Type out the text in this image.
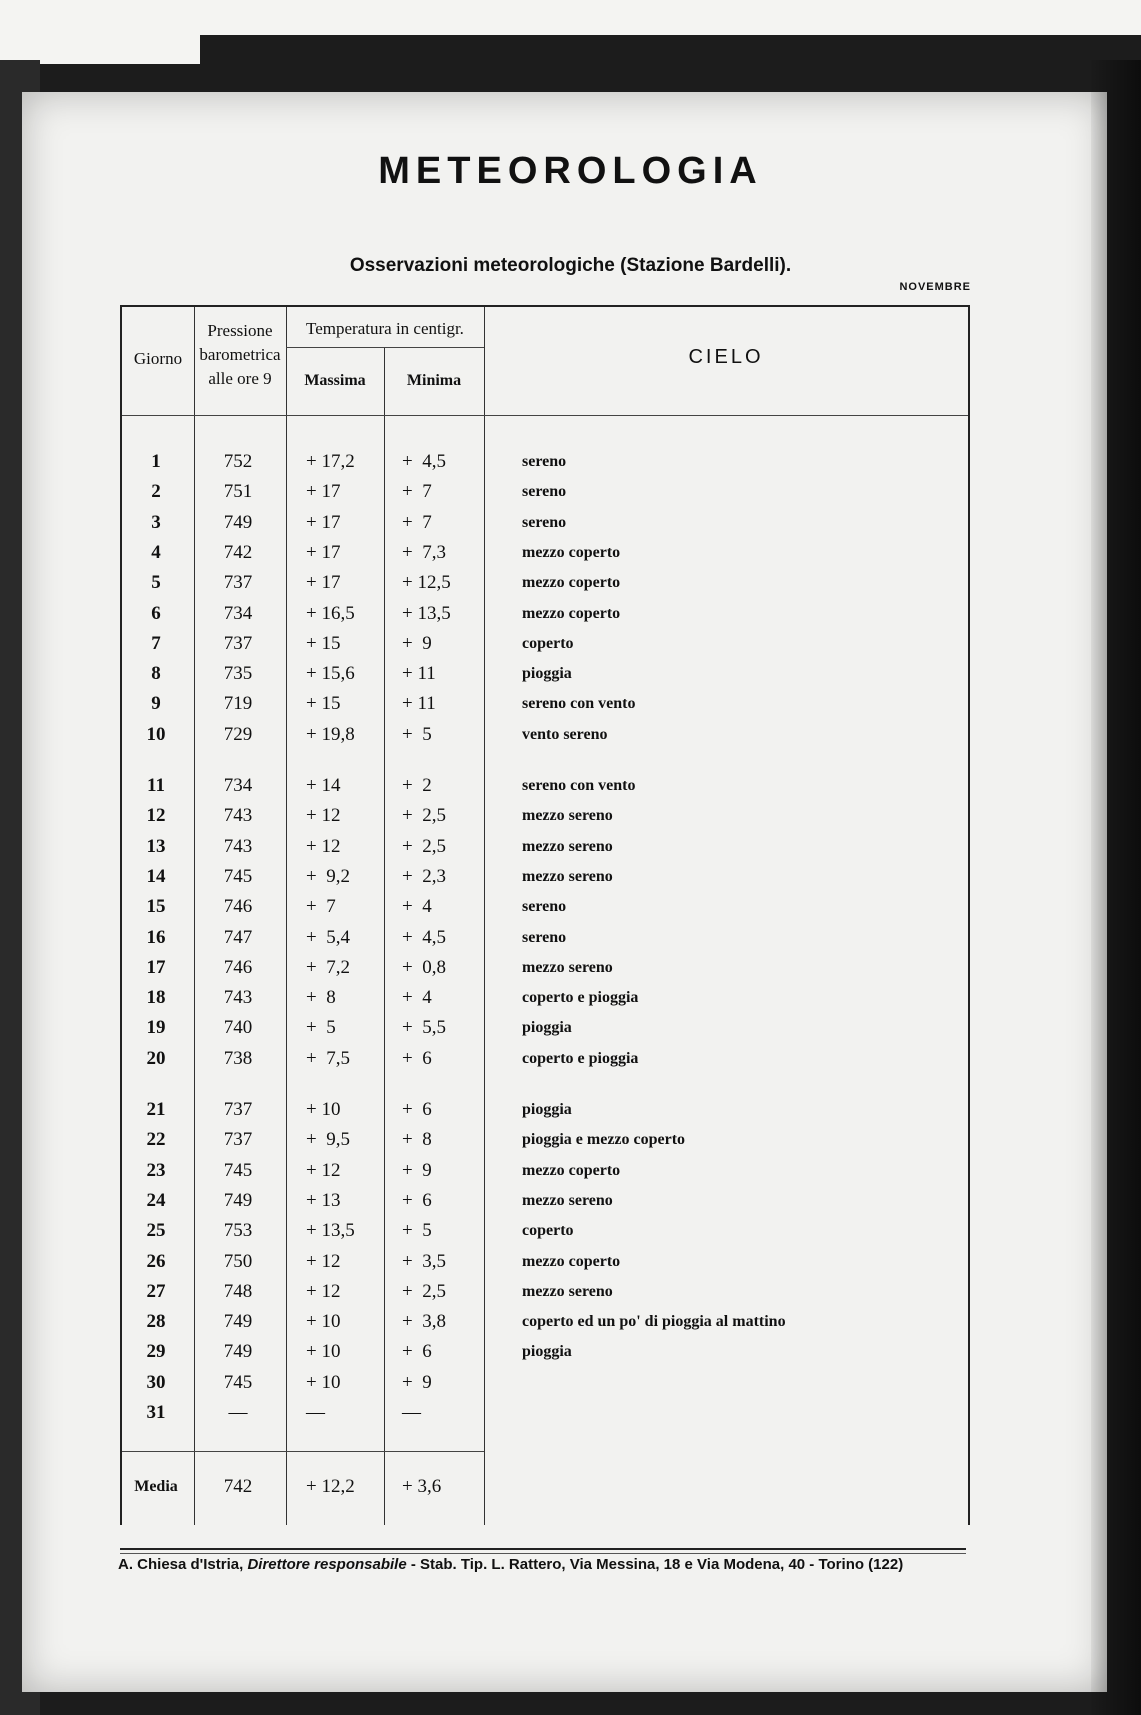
METEOROLOGIA
Osservazioni meteorologiche (Stazione Bardelli).
NOVEMBRE
Giorno
Pressione
barometrica
alle ore 9
Temperatura in centigr.
Massima	Minima
CIELO
1	752	+ 17,2	+  4,5	sereno
2	751	+ 17	+  7	sereno
3	749	+ 17	+  7	sereno
4	742	+ 17	+  7,3	mezzo coperto
5	737	+ 17	+ 12,5	mezzo coperto
6	734	+ 16,5	+ 13,5	mezzo coperto
7	737	+ 15	+  9	coperto
8	735	+ 15,6	+ 11	pioggia
9	719	+ 15	+ 11	sereno con vento
10	729	+ 19,8	+  5	vento sereno
11	734	+ 14	+  2	sereno con vento
12	743	+ 12	+  2,5	mezzo sereno
13	743	+ 12	+  2,5	mezzo sereno
14	745	+  9,2	+  2,3	mezzo sereno
15	746	+  7	+  4	sereno
16	747	+  5,4	+  4,5	sereno
17	746	+  7,2	+  0,8	mezzo sereno
18	743	+  8	+  4	coperto e pioggia
19	740	+  5	+  5,5	pioggia
20	738	+  7,5	+  6	coperto e pioggia
21	737	+ 10	+  6	pioggia
22	737	+  9,5	+  8	pioggia e mezzo coperto
23	745	+ 12	+  9	mezzo coperto
24	749	+ 13	+  6	mezzo sereno
25	753	+ 13,5	+  5	coperto
26	750	+ 12	+  3,5	mezzo coperto
27	748	+ 12	+  2,5	mezzo sereno
28	749	+ 10	+  3,8	coperto ed un po' di pioggia al mattino
29	749	+ 10	+  6	pioggia
30	745	+ 10	+  9
31	—	—	—
Media	742	+ 12,2	+ 3,6
A. Chiesa d'Istria, Direttore responsabile - Stab. Tip. L. Rattero, Via Messina, 18 e Via Modena, 40 - Torino (122)
